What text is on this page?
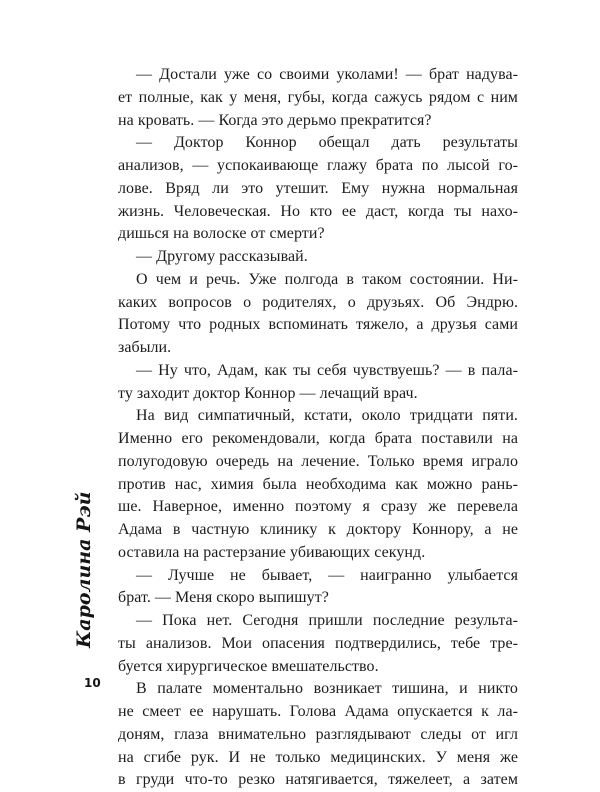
— Достали уже со своими уколами! — брат надува-
ет полные, как у меня, губы, когда сажусь рядом с ним
на кровать. — Когда это дерьмо прекратится?
— Доктор Коннор обещал дать результаты
анализов, — успокаивающе глажу брата по лысой го-
лове. Вряд ли это утешит. Ему нужна нормальная
жизнь. Человеческая. Но кто ее даст, когда ты нахо-
дишься на волоске от смерти?
— Другому рассказывай.
О чем и речь. Уже полгода в таком состоянии. Ни-
каких вопросов о родителях, о друзьях. Об Эндрю.
Потому что родных вспоминать тяжело, а друзья сами
забыли.
— Ну что, Адам, как ты себя чувствуешь? — в пала-
ту заходит доктор Коннор — лечащий врач.
На вид симпатичный, кстати, около тридцати пяти.
Именно его рекомендовали, когда брата поставили на
полугодовую очередь на лечение. Только время играло
против нас, химия была необходима как можно рань-
ше. Наверное, именно поэтому я сразу же перевела
Адама в частную клинику к доктору Коннору, а не
оставила на растерзание убивающих секунд.
— Лучше не бывает, — наигранно улыбается
брат. — Меня скоро выпишут?
— Пока нет. Сегодня пришли последние результа-
ты анализов. Мои опасения подтвердились, тебе тре-
буется хирургическое вмешательство.
В палате моментально возникает тишина, и никто
не смеет ее нарушать. Голова Адама опускается к ла-
доням, глаза внимательно разглядывают следы от игл
на сгибе рук. И не только медицинских. У меня же
в груди что-то резко натягивается, тяжелеет, а затем
Каролина Рэй
10
